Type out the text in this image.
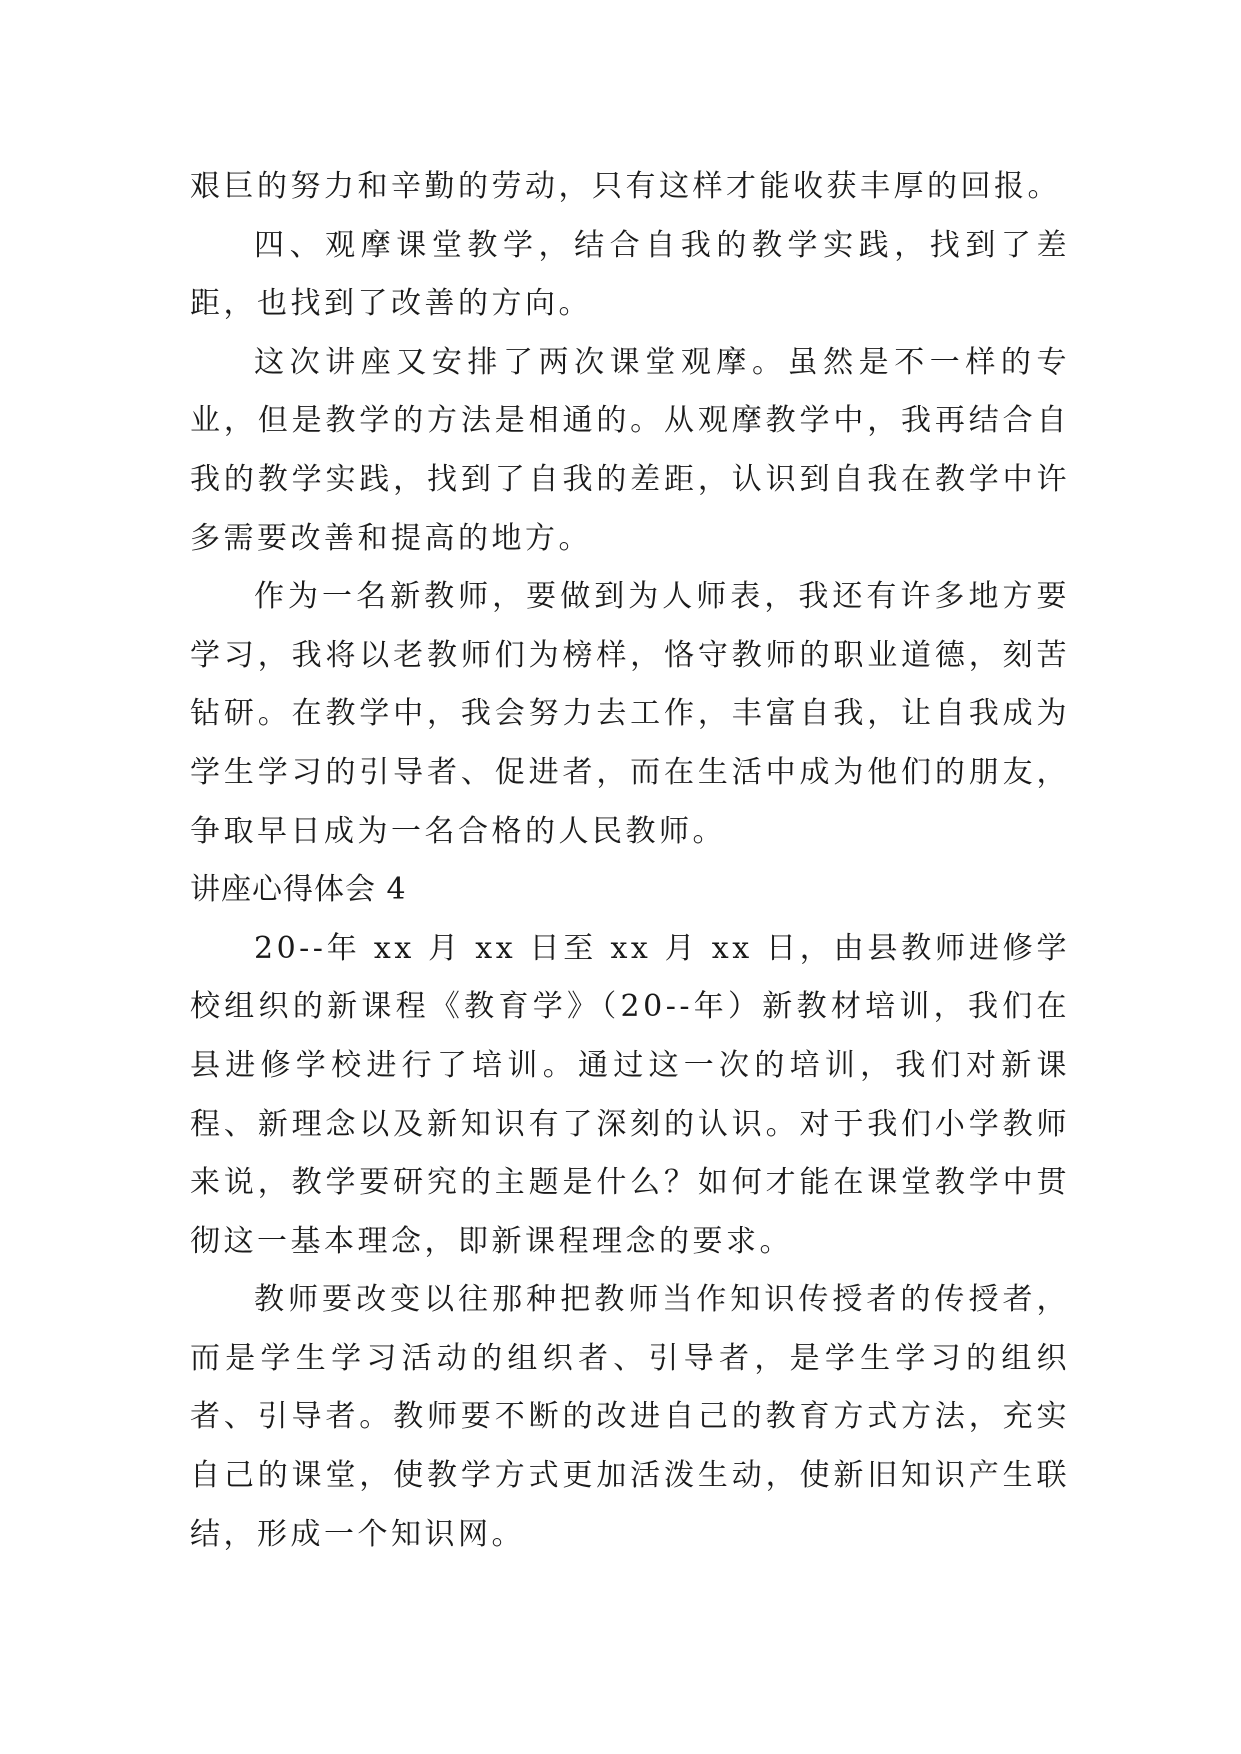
艰巨的努力和辛勤的劳动，只有这样才能收获丰厚的回报。

四、观摩课堂教学，结合自我的教学实践，找到了差距，也找到了改善的方向。

这次讲座又安排了两次课堂观摩。虽然是不一样的专业，但是教学的方法是相通的。从观摩教学中，我再结合自我的教学实践，找到了自我的差距，认识到自我在教学中许多需要改善和提高的地方。

作为一名新教师，要做到为人师表，我还有许多地方要学习，我将以老教师们为榜样，恪守教师的职业道德，刻苦钻研。在教学中，我会努力去工作，丰富自我，让自我成为学生学习的引导者、促进者，而在生活中成为他们的朋友，争取早日成为一名合格的人民教师。

讲座心得体会 4

20--年 xx 月 xx 日至 xx 月 xx 日，由县教师进修学校组织的新课程《教育学》（20--年）新教材培训，我们在县进修学校进行了培训。通过这一次的培训，我们对新课程、新理念以及新知识有了深刻的认识。对于我们小学教师来说，教学要研究的主题是什么？如何才能在课堂教学中贯彻这一基本理念，即新课程理念的要求。

教师要改变以往那种把教师当作知识传授者的传授者，而是学生学习活动的组织者、引导者，是学生学习的组织者、引导者。教师要不断的改进自己的教育方式方法，充实自己的课堂，使教学方式更加活泼生动，使新旧知识产生联结，形成一个知识网。
